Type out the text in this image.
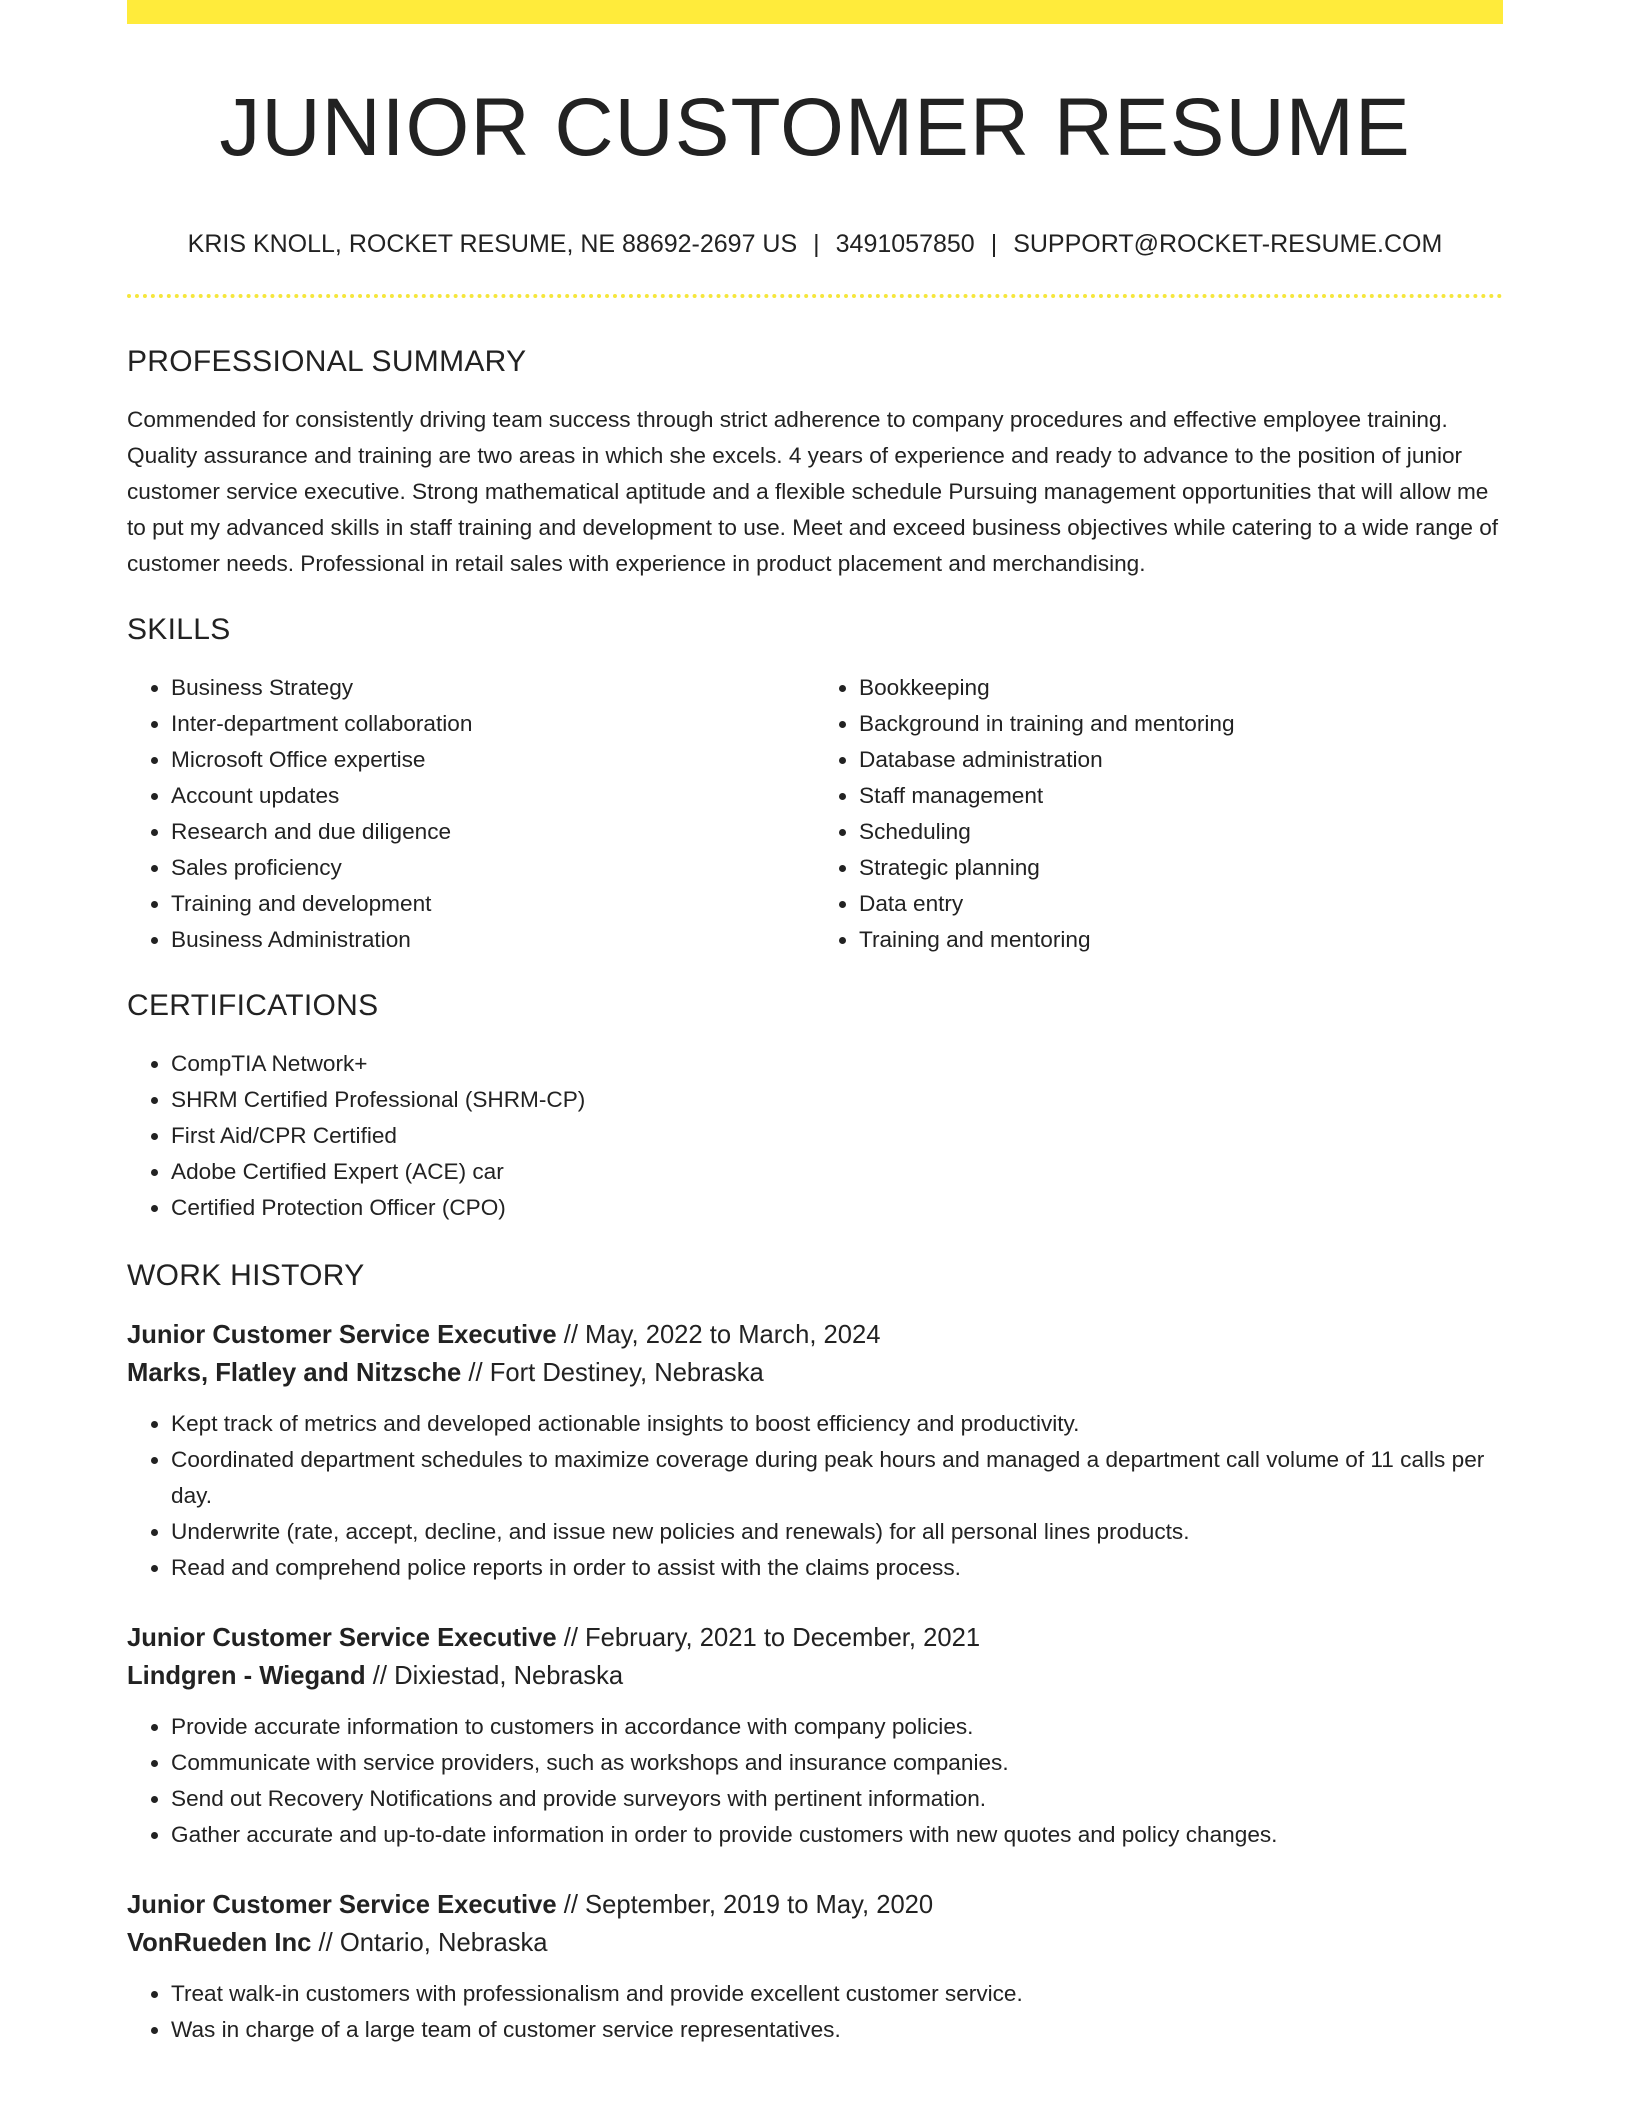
JUNIOR CUSTOMER RESUME
KRIS KNOLL, ROCKET RESUME, NE 88692-2697 US | 3491057850 | SUPPORT@ROCKET-RESUME.COM
PROFESSIONAL SUMMARY
Commended for consistently driving team success through strict adherence to company procedures and effective employee training. Quality assurance and training are two areas in which she excels. 4 years of experience and ready to advance to the position of junior customer service executive. Strong mathematical aptitude and a flexible schedule Pursuing management opportunities that will allow me to put my advanced skills in staff training and development to use. Meet and exceed business objectives while catering to a wide range of customer needs. Professional in retail sales with experience in product placement and merchandising.
SKILLS
• Business Strategy
• Inter-department collaboration
• Microsoft Office expertise
• Account updates
• Research and due diligence
• Sales proficiency
• Training and development
• Business Administration
• Bookkeeping
• Background in training and mentoring
• Database administration
• Staff management
• Scheduling
• Strategic planning
• Data entry
• Training and mentoring
CERTIFICATIONS
• CompTIA Network+
• SHRM Certified Professional (SHRM-CP)
• First Aid/CPR Certified
• Adobe Certified Expert (ACE) car
• Certified Protection Officer (CPO)
WORK HISTORY
Junior Customer Service Executive // May, 2022 to March, 2024
Marks, Flatley and Nitzsche // Fort Destiney, Nebraska
• Kept track of metrics and developed actionable insights to boost efficiency and productivity.
• Coordinated department schedules to maximize coverage during peak hours and managed a department call volume of 11 calls per day.
• Underwrite (rate, accept, decline, and issue new policies and renewals) for all personal lines products.
• Read and comprehend police reports in order to assist with the claims process.
Junior Customer Service Executive // February, 2021 to December, 2021
Lindgren - Wiegand // Dixiestad, Nebraska
• Provide accurate information to customers in accordance with company policies.
• Communicate with service providers, such as workshops and insurance companies.
• Send out Recovery Notifications and provide surveyors with pertinent information.
• Gather accurate and up-to-date information in order to provide customers with new quotes and policy changes.
Junior Customer Service Executive // September, 2019 to May, 2020
VonRueden Inc // Ontario, Nebraska
• Treat walk-in customers with professionalism and provide excellent customer service.
• Was in charge of a large team of customer service representatives.
